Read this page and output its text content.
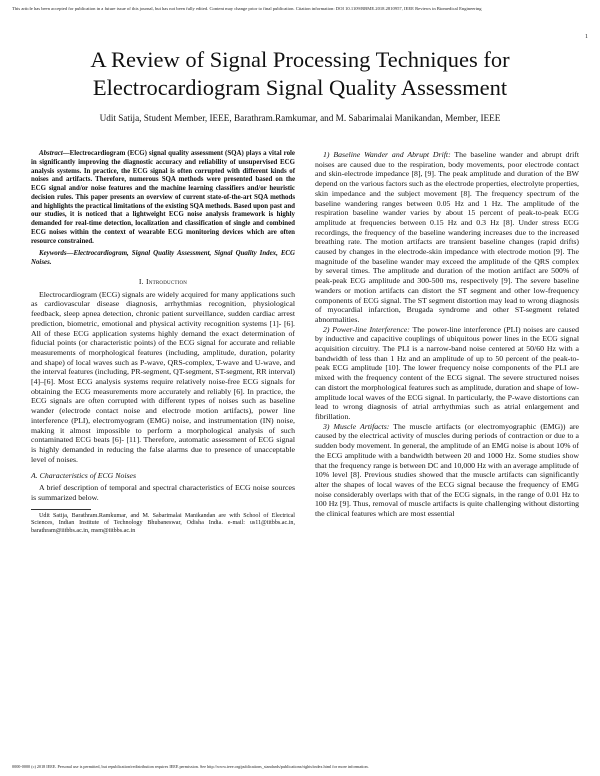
This article has been accepted for publication in a future issue of this journal, but has not been fully edited. Content may change prior to final publication. Citation information: DOI 10.1109/RBME.2018.2810957, IEEE Reviews in Biomedical Engineering
1
A Review of Signal Processing Techniques for Electrocardiogram Signal Quality Assessment
Udit Satija, Student Member, IEEE, Barathram.Ramkumar, and M. Sabarimalai Manikandan, Member, IEEE

Abstract—Electrocardiogram (ECG) signal quality assessment (SQA) plays a vital role in significantly improving the diagnostic accuracy and reliability of unsupervised ECG analysis systems. In practice, the ECG signal is often corrupted with different kinds of noises and artifacts. Therefore, numerous SQA methods were presented based on the ECG signal and/or noise features and the machine learning classifiers and/or heuristic decision rules. This paper presents an overview of current state-of-the-art SQA methods and highlights the practical limitations of the existing SQA methods. Based upon past and our studies, it is noticed that a lightweight ECG noise analysis framework is highly demanded for real-time detection, localization and classification of single and combined ECG noises within the context of wearable ECG monitoring devices which are often resource constrained.

Keywords—Electrocardiogram, Signal Quality Assessment, Signal Quality Index, ECG Noises.

I. Introduction

Electrocardiogram (ECG) signals are widely acquired for many applications such as cardiovascular disease diagnosis, arrhythmias recognition, physiological feedback, sleep apnea detection, chronic patient surveillance, sudden cardiac arrest prediction, biometric, emotional and physical activity recognition systems [1]- [6]. All of these ECG application systems highly demand the exact determination of fiducial points (or characteristic points) of the ECG signal for accurate and reliable measurements of morphological features (including, amplitude, duration, polarity and shape) of local waves such as P-wave, QRS-complex, T-wave and U-wave, and the interval features (including, PR-segment, QT-segment, ST-segment, RR interval) [4]–[6]. Most ECG analysis systems require relatively noise-free ECG signals for obtaining the ECG measurements more accurately and reliably [6]. In practice, the ECG signals are often corrupted with different types of noises such as baseline wander (electrode contact noise and electrode motion artifacts), power line interference (PLI), electromyogram (EMG) noise, and instrumentation (IN) noise, making it almost impossible to perform a morphological analysis of such contaminated ECG beats [6]- [11]. Therefore, automatic assessment of ECG signal is highly demanded in reducing the false alarms due to presence of unacceptable level of noises.

A. Characteristics of ECG Noises

A brief description of temporal and spectral characteristics of ECG noise sources is summarized below.

Udit Satija, Barathram.Ramkumar, and M. Sabarimalai Manikandan are with School of Electrical Sciences, Indian Institute of Technology Bhubaneswar, Odisha India. e-mail: us11@iitbbs.ac.in, barathram@iitbbs.ac.in, msm@iitbbs.ac.in

1) Baseline Wander and Abrupt Drift: The baseline wander and abrupt drift noises are caused due to the respiration, body movements, poor electrode contact and skin-electrode impedance [8], [9]. The peak amplitude and duration of the BW depend on the various factors such as the electrode properties, electrolyte properties, skin impedance and the subject movement [8]. The frequency spectrum of the baseline wandering ranges between 0.05 Hz and 1 Hz. The amplitude of the respiration baseline wander varies by about 15 percent of peak-to-peak ECG amplitude at frequencies between 0.15 Hz and 0.3 Hz [8]. Under stress ECG recordings, the frequency of the baseline wandering increases due to the increased breathing rate. The motion artifacts are transient baseline changes (rapid drifts) caused by changes in the electrode-skin impedance with electrode motion [9]. The magnitude of the baseline wander may exceed the amplitude of the QRS complex by several times. The amplitude and duration of the motion artifact are 500% of peak-peak ECG amplitude and 300-500 ms, respectively [9]. The severe baseline wanders or motion artifacts can distort the ST segment and other low-frequency components of ECG signal. The ST segment distortion may lead to wrong diagnosis of myocardial infarction, Brugada syndrome and other ST-segment related abnormalities.

2) Power-line Interference: The power-line interference (PLI) noises are caused by inductive and capacitive couplings of ubiquitous power lines in the ECG signal acquisition circuitry. The PLI is a narrow-band noise centered at 50/60 Hz with a bandwidth of less than 1 Hz and an amplitude of up to 50 percent of the peak-to-peak ECG amplitude [10]. The lower frequency noise components of the PLI are mixed with the frequency content of the ECG signal. The severe structured noises can distort the morphological features such as amplitude, duration and shape of low-amplitude local waves of the ECG signal. In particularly, the P-wave distortions can lead to wrong diagnosis of atrial arrhythmias such as atrial enlargement and fibrillation.

3) Muscle Artifacts: The muscle artifacts (or electromyographic (EMG)) are caused by the electrical activity of muscles during periods of contraction or due to a sudden body movement. In general, the amplitude of an EMG noise is about 10% of the ECG amplitude with a bandwidth between 20 and 1000 Hz. Some studies show that the frequency range is between DC and 10,000 Hz with an average amplitude of 10% level [8]. Previous studies showed that the muscle artifacts can significantly alter the shapes of local waves of the ECG signal because the frequency of EMG noise considerably overlaps with that of the ECG signals, in the range of 0.01 Hz to 100 Hz [9]. Thus, removal of muscle artifacts is quite challenging without distorting the clinical features which are most essential

0000-0000 (c) 2018 IEEE. Personal use is permitted, but republication/redistribution requires IEEE permission. See http://www.ieee.org/publications_standards/publications/rights/index.html for more information.
